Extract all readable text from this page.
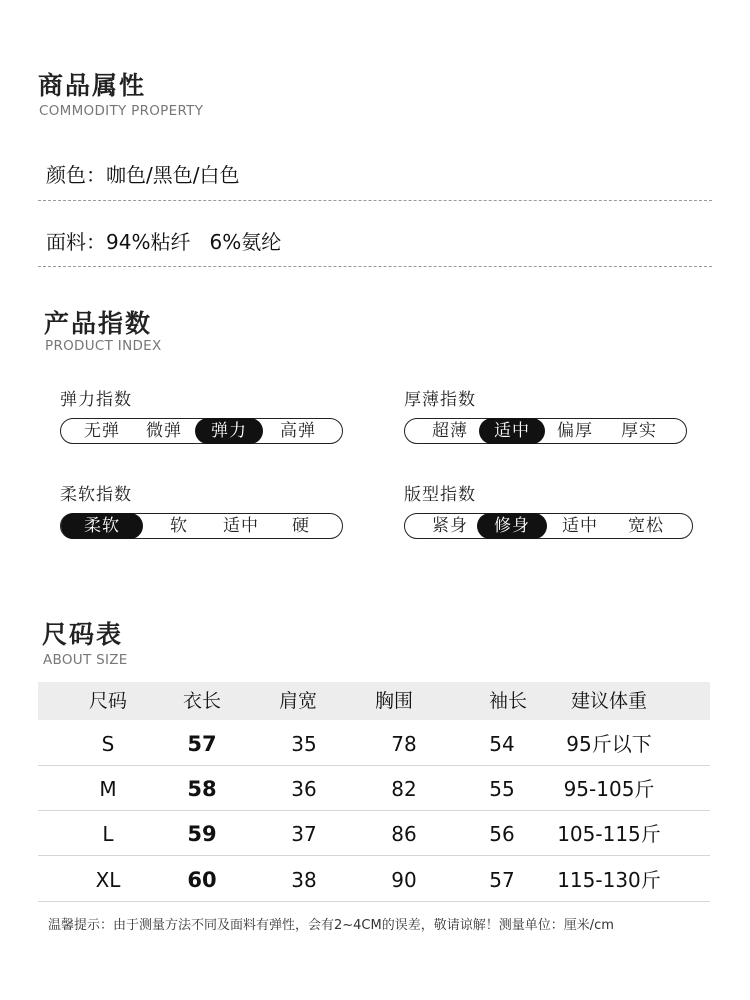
商品属性
COMMODITY PROPERTY
颜色：咖色/黑色/白色
面料：94%粘纤   6%氨纶
产品指数
PRODUCT INDEX
弹力指数
无弹	微弹	弹力	高弹
厚薄指数
超薄	适中	偏厚	厚实
柔软指数
柔软	软	适中	硬
版型指数
紧身	修身	适中	宽松
尺码表
ABOUT SIZE
尺码	衣长	肩宽	胸围	袖长	建议体重
S	57	35	78	54	95斤以下
M	58	36	82	55	95-105斤
L	59	37	86	56	105-115斤
XL	60	38	90	57	115-130斤
温馨提示：由于测量方法不同及面料有弹性，会有2~4CM的误差，敬请谅解！测量单位：厘米/cm
